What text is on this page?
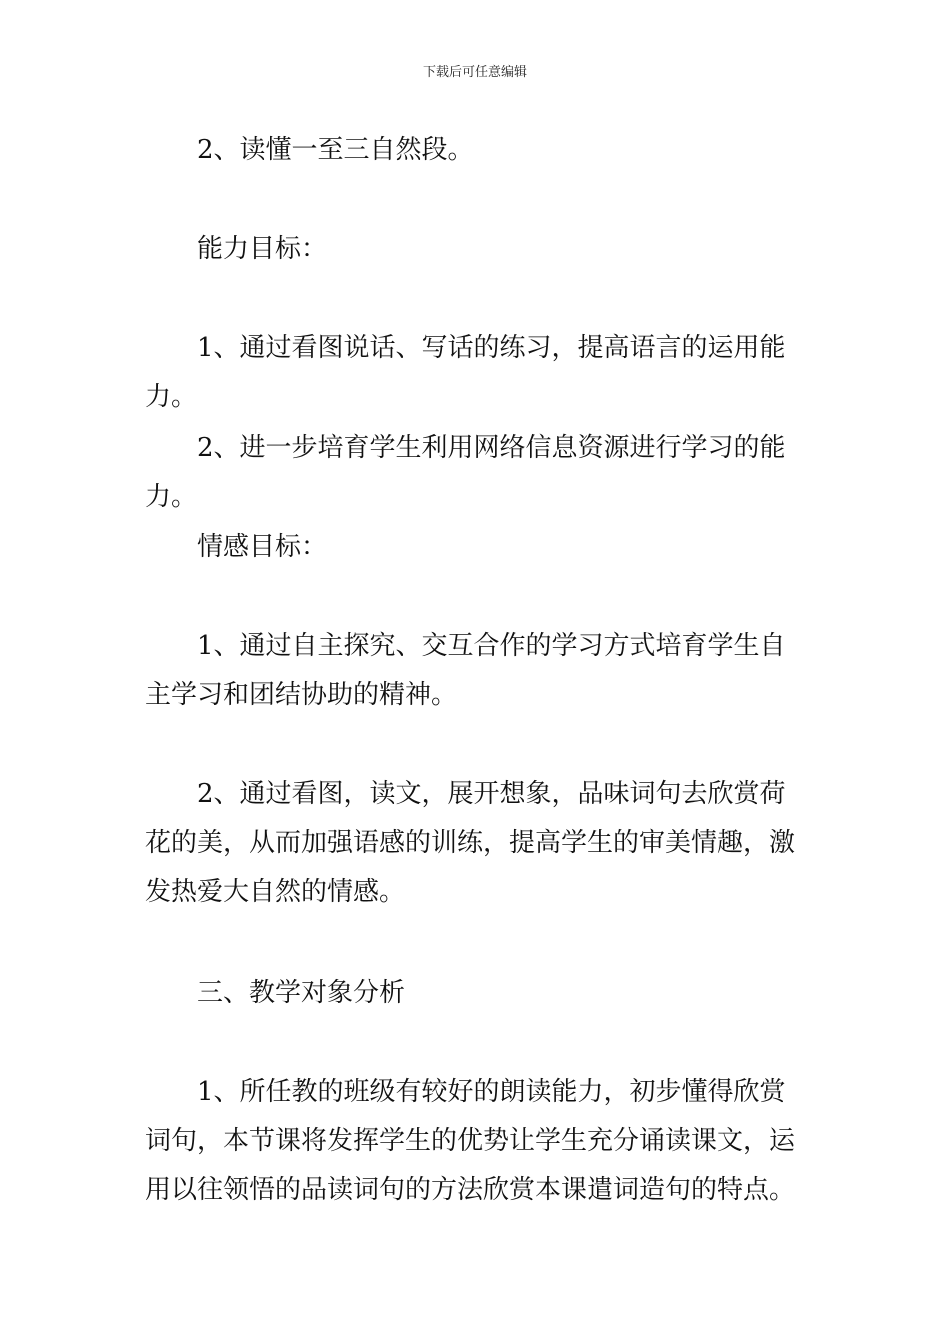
下载后可任意编辑

2、读懂一至三自然段。

能力目标：

1、通过看图说话、写话的练习，提高语言的运用能力。

2、进一步培育学生利用网络信息资源进行学习的能力。

情感目标：

1、通过自主探究、交互合作的学习方式培育学生自主学习和团结协助的精神。

2、通过看图，读文，展开想象，品味词句去欣赏荷花的美，从而加强语感的训练，提高学生的审美情趣，激发热爱大自然的情感。

三、教学对象分析

1、所任教的班级有较好的朗读能力，初步懂得欣赏词句，本节课将发挥学生的优势让学生充分诵读课文，运用以往领悟的品读词句的方法欣赏本课遣词造句的特点。
